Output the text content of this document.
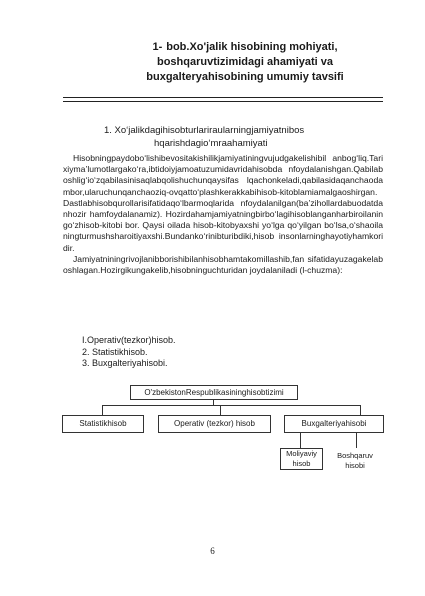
1- bob.Xo'jalik hisobining mohiyati,
boshqaruvtizimidagi ahamiyati va
buxgalteryahisobining umumiy tavsifi
1. Xo‘jalikdagihisobturlariraularningjamiyatnibos
hqarishdagio‘mraahamiyati

Hisobningpaydobo‘lishibevositakishilikjamiyatiningvujudgakelishibil anbog‘liq.Tarixiyma’lumotlargako‘ra,ibtidoiyjamoatuzumidavridahisobda nfoydalanishgan.Qabilaboshlig‘io‘zqabilasinisaqlabqolishuchunqaysifas lqachonkeladi,qabilasidaqanchaodambor,ularuchunqanchaoziq-ovqatto‘plashkerakkabihisob-kitoblamiamalgaoshirgan.Dastlabhisobqurollarisifatidaqo‘lbarmoqlarida nfoydalanilgan(ba’zihollardabuodatdanhozir hamfoydalanamiz). Hozirdahamjamiyatningbirbo‘lagihisoblanganharbiroilaningo‘zhisob-kitobi bor. Qaysi oilada hisob-kitobyaxshi yo‘lga qo‘yilgan bo‘lsa,o‘shaoilaningturmushsharoitiyaxshi.Bundanko‘rinibturibdiki,hisob insonlarninghayotiyhamkoridir.

Jamiyatniningrivojlanibborishibilanhisobhamtakomillashib,fan sifatidayuzagakelaboshlagan.Hozirgikungakelib,hisobninguchturidan joydalaniladi (l-chuzma):

I.Operativ(tezkor)hisob.
2. Statistikhisob.
3. Buxgalteriyahisobi.
O'zbekistonRespublikasininghisobtizimi
Statistikhisob	Operativ (tezkor) hisob	Buxgalteriyahisobi
Moliyaviy hisob
Boshqaruv hisobi
6
